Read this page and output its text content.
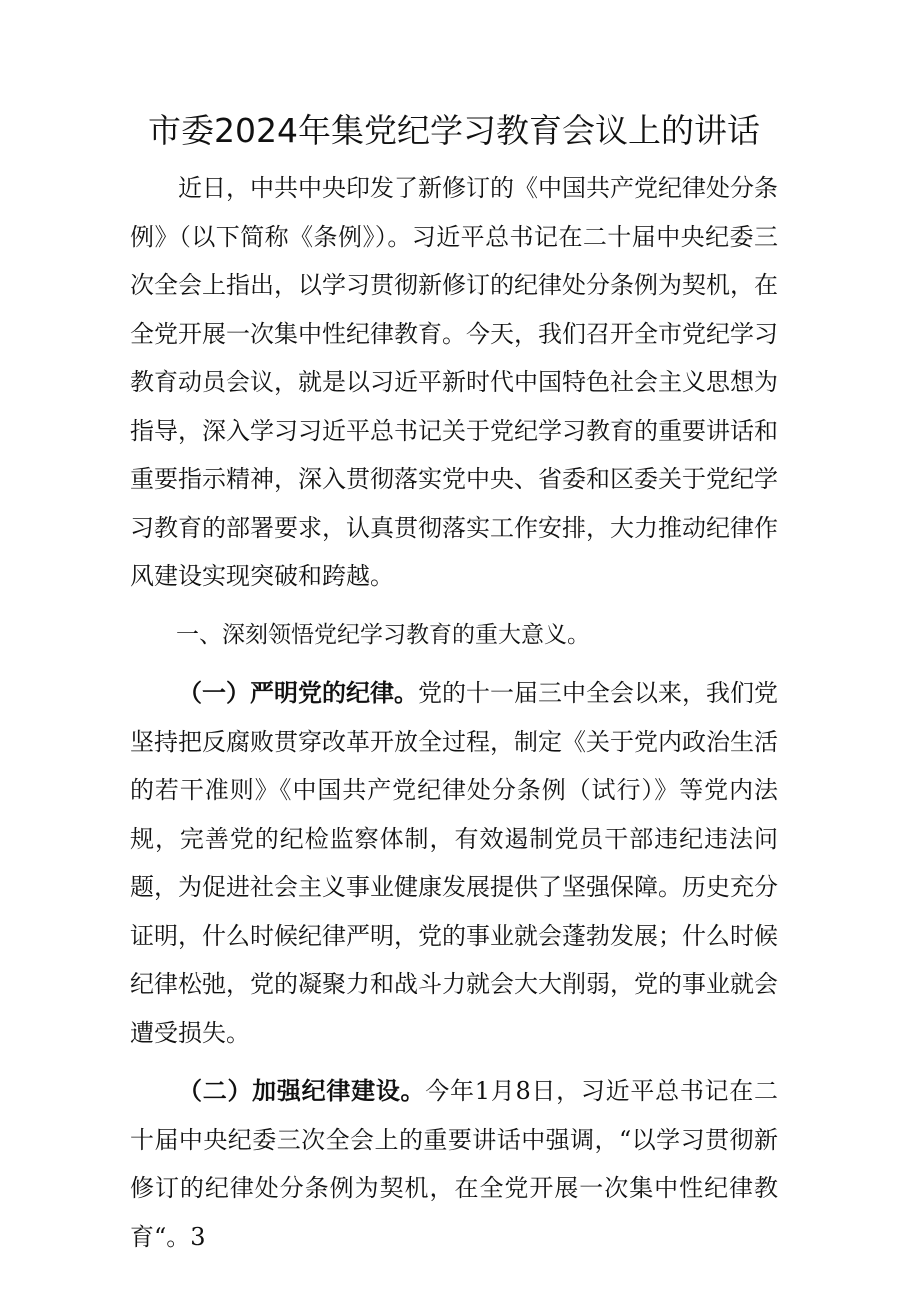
市委2024年集党纪学习教育会议上的讲话

近日，中共中央印发了新修订的《中国共产党纪律处分条例》（以下简称《条例》）。习近平总书记在二十届中央纪委三次全会上指出，以学习贯彻新修订的纪律处分条例为契机，在全党开展一次集中性纪律教育。今天，我们召开全市党纪学习教育动员会议，就是以习近平新时代中国特色社会主义思想为指导，深入学习习近平总书记关于党纪学习教育的重要讲话和重要指示精神，深入贯彻落实党中央、省委和区委关于党纪学习教育的部署要求，认真贯彻落实工作安排，大力推动纪律作风建设实现突破和跨越。

一、深刻领悟党纪学习教育的重大意义。

（一）严明党的纪律。党的十一届三中全会以来，我们党坚持把反腐败贯穿改革开放全过程，制定《关于党内政治生活的若干准则》《中国共产党纪律处分条例（试行）》等党内法规，完善党的纪检监察体制，有效遏制党员干部违纪违法问题，为促进社会主义事业健康发展提供了坚强保障。历史充分证明，什么时候纪律严明，党的事业就会蓬勃发展；什么时候纪律松弛，党的凝聚力和战斗力就会大大削弱，党的事业就会遭受损失。

（二）加强纪律建设。今年1月8日，习近平总书记在二十届中央纪委三次全会上的重要讲话中强调，“以学习贯彻新修订的纪律处分条例为契机，在全党开展一次集中性纪律教育“。3
